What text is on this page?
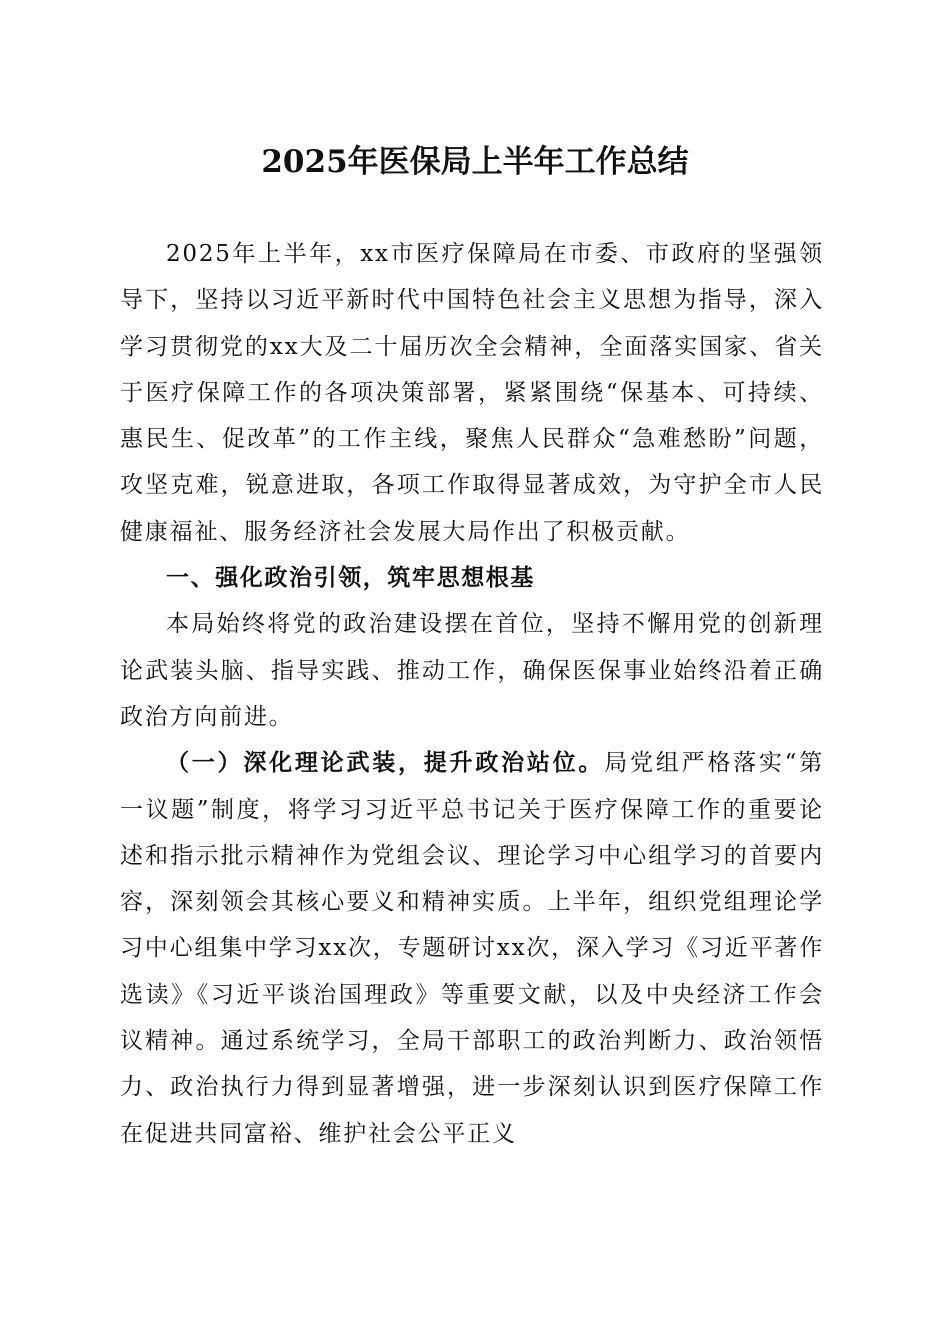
2025年医保局上半年工作总结

2025年上半年，xx市医疗保障局在市委、市政府的坚强领导下，坚持以习近平新时代中国特色社会主义思想为指导，深入学习贯彻党的xx大及二十届历次全会精神，全面落实国家、省关于医疗保障工作的各项决策部署，紧紧围绕“保基本、可持续、惠民生、促改革”的工作主线，聚焦人民群众“急难愁盼”问题，攻坚克难，锐意进取，各项工作取得显著成效，为守护全市人民健康福祉、服务经济社会发展大局作出了积极贡献。

一、强化政治引领，筑牢思想根基

本局始终将党的政治建设摆在首位，坚持不懈用党的创新理论武装头脑、指导实践、推动工作，确保医保事业始终沿着正确政治方向前进。

（一）深化理论武装，提升政治站位。局党组严格落实“第一议题”制度，将学习习近平总书记关于医疗保障工作的重要论述和指示批示精神作为党组会议、理论学习中心组学习的首要内容，深刻领会其核心要义和精神实质。上半年，组织党组理论学习中心组集中学习xx次，专题研讨xx次，深入学习《习近平著作选读》《习近平谈治国理政》等重要文献，以及中央经济工作会议精神。通过系统学习，全局干部职工的政治判断力、政治领悟力、政治执行力得到显著增强，进一步深刻认识到医疗保障工作在促进共同富裕、维护社会公平正义
